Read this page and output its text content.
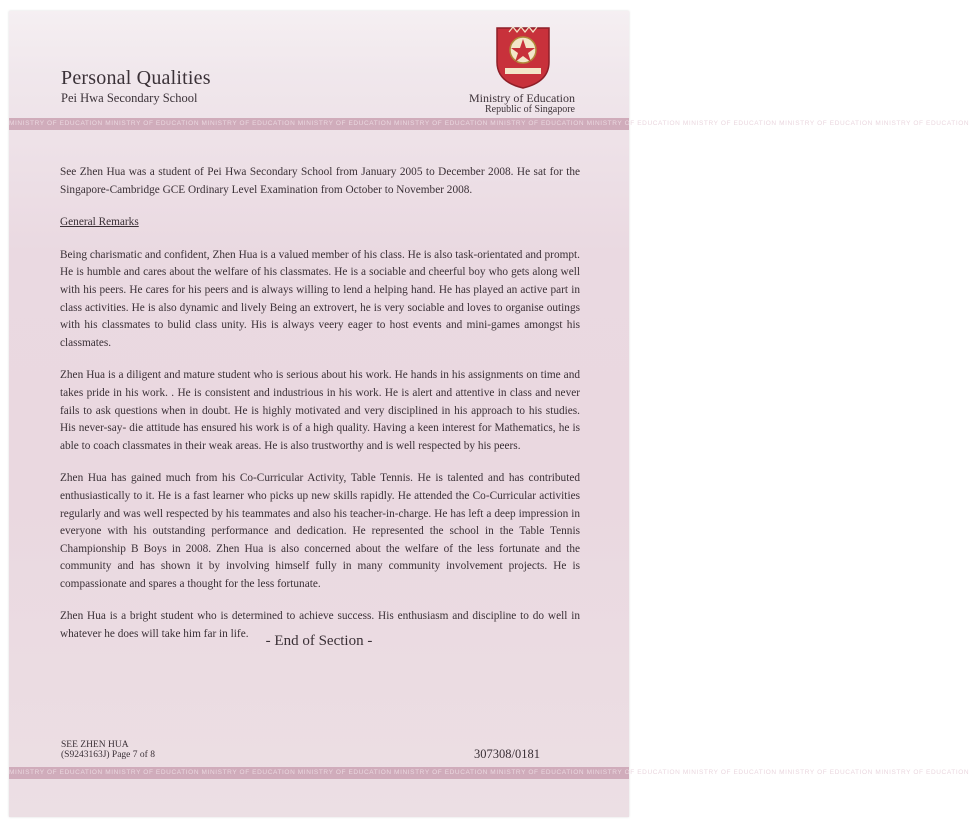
Personal Qualities
Pei Hwa Secondary School	Ministry of Education
Republic of Singapore
MINISTRY OF EDUCATION MINISTRY OF EDUCATION MINISTRY OF EDUCATION MINISTRY OF EDUCATION MINISTRY OF EDUCATION MINISTRY OF EDUCATION MINISTRY OF EDUCATION MINISTRY OF EDUCATION MINISTRY OF EDUCATION MINISTRY OF EDUCATION

See Zhen Hua was a student of Pei Hwa Secondary School from January 2005 to December 2008. He sat for the Singapore-Cambridge GCE Ordinary Level Examination from October to November 2008.

General Remarks

Being charismatic and confident, Zhen Hua is a valued member of his class. He is also task-orientated and prompt. He is humble and cares about the welfare of his classmates. He is a sociable and cheerful boy who gets along well with his peers. He cares for his peers and is always willing to lend a helping hand. He has played an active part in class activities. He is also dynamic and lively Being an extrovert, he is very sociable and loves to organise outings with his classmates to bulid class unity. His is always veery eager to host events and mini-games amongst his classmates.

Zhen Hua is a diligent and mature student who is serious about his work. He hands in his assignments on time and takes pride in his work. . He is consistent and industrious in his work. He is alert and attentive in class and never fails to ask questions when in doubt. He is highly motivated and very disciplined in his approach to his studies. His never-say- die attitude has ensured his work is of a high quality. Having a keen interest for Mathematics, he is able to coach classmates in their weak areas. He is also trustworthy and is well respected by his peers.

Zhen Hua has gained much from his Co-Curricular Activity, Table Tennis. He is talented and has contributed enthusiastically to it. He is a fast learner who picks up new skills rapidly. He attended the Co-Curricular activities regularly and was well respected by his teammates and also his teacher-in-charge. He has left a deep impression in everyone with his outstanding performance and dedication. He represented the school in the Table Tennis Championship B Boys in 2008. Zhen Hua is also concerned about the welfare of the less fortunate and the community and has shown it by involving himself fully in many community involvement projects. He is compassionate and spares a thought for the less fortunate.

Zhen Hua is a bright student who is determined to achieve success. His enthusiasm and discipline to do well in whatever he does will take him far in life.	- End of Section -
SEE ZHEN HUA
(S9243163J) Page 7 of 8	307308/0181
MINISTRY OF EDUCATION MINISTRY OF EDUCATION MINISTRY OF EDUCATION MINISTRY OF EDUCATION MINISTRY OF EDUCATION MINISTRY OF EDUCATION MINISTRY OF EDUCATION MINISTRY OF EDUCATION MINISTRY OF EDUCATION MINISTRY OF EDUCATION
